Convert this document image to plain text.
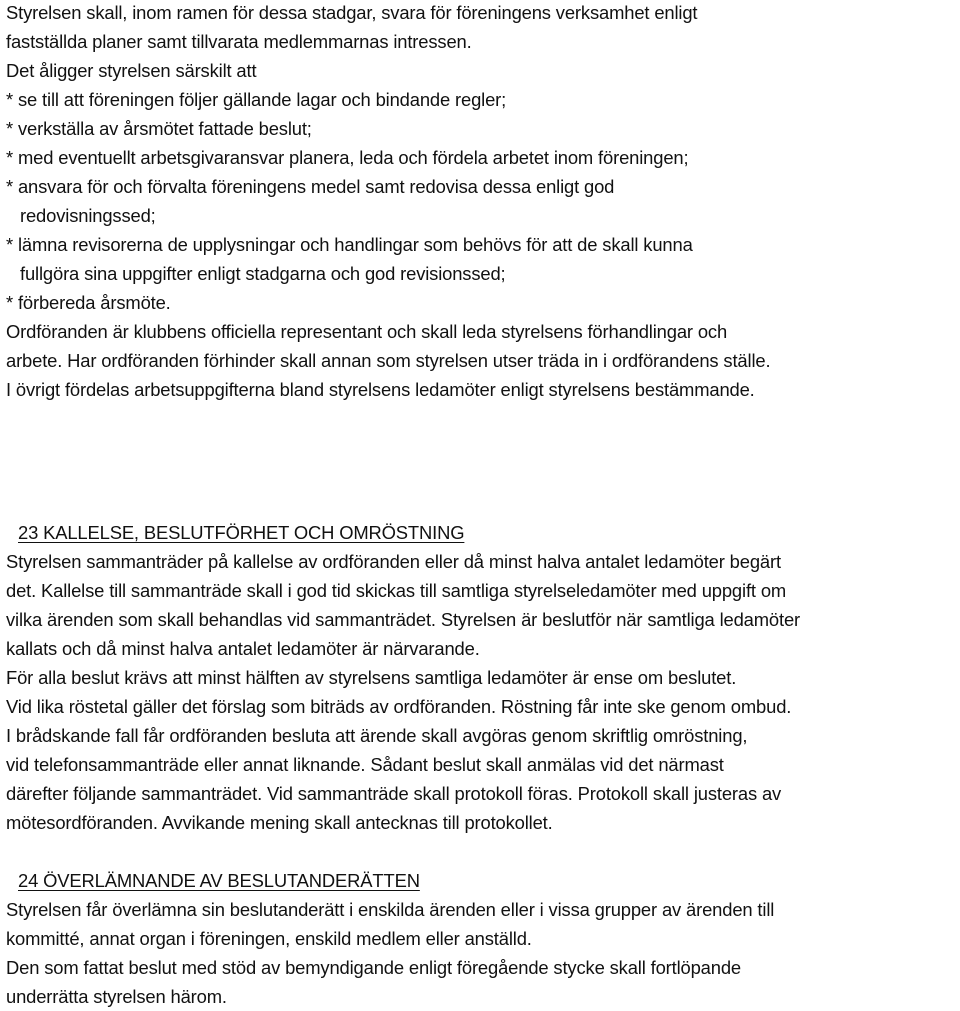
Styrelsen skall, inom ramen för dessa stadgar, svara för föreningens verksamhet enligt
fastställda planer samt tillvarata medlemmarnas intressen.
Det åligger styrelsen särskilt att
* se till att föreningen följer gällande lagar och bindande regler;
* verkställa av årsmötet fattade beslut;
* med eventuellt arbetsgivaransvar planera, leda och fördela arbetet inom föreningen;
* ansvara för och förvalta föreningens medel samt redovisa dessa enligt god
redovisningssed;
* lämna revisorerna de upplysningar och handlingar som behövs för att de skall kunna
fullgöra sina uppgifter enligt stadgarna och god revisionssed;
* förbereda årsmöte.
Ordföranden är klubbens officiella representant och skall leda styrelsens förhandlingar och
arbete. Har ordföranden förhinder skall annan som styrelsen utser träda in i ordförandens ställe.
I övrigt fördelas arbetsuppgifterna bland styrelsens ledamöter enligt styrelsens bestämmande.
23 KALLELSE, BESLUTFÖRHET OCH OMRÖSTNING
Styrelsen sammanträder på kallelse av ordföranden eller då minst halva antalet ledamöter begärt
det. Kallelse till sammanträde skall i god tid skickas till samtliga styrelseledamöter med uppgift om
vilka ärenden som skall behandlas vid sammanträdet. Styrelsen är beslutför när samtliga ledamöter
kallats och då minst halva antalet ledamöter är närvarande.
För alla beslut krävs att minst hälften av styrelsens samtliga ledamöter är ense om beslutet.
Vid lika röstetal gäller det förslag som biträds av ordföranden. Röstning får inte ske genom ombud.
I brådskande fall får ordföranden besluta att ärende skall avgöras genom skriftlig omröstning,
vid telefonsammanträde eller annat liknande. Sådant beslut skall anmälas vid det närmast
därefter följande sammanträdet. Vid sammanträde skall protokoll föras. Protokoll skall justeras av
mötesordföranden. Avvikande mening skall antecknas till protokollet.
24 ÖVERLÄMNANDE AV BESLUTANDERÄTTEN
Styrelsen får överlämna sin beslutanderätt i enskilda ärenden eller i vissa grupper av ärenden till
kommitté, annat organ i föreningen, enskild medlem eller anställd.
Den som fattat beslut med stöd av bemyndigande enligt föregående stycke skall fortlöpande
underrätta styrelsen härom.
